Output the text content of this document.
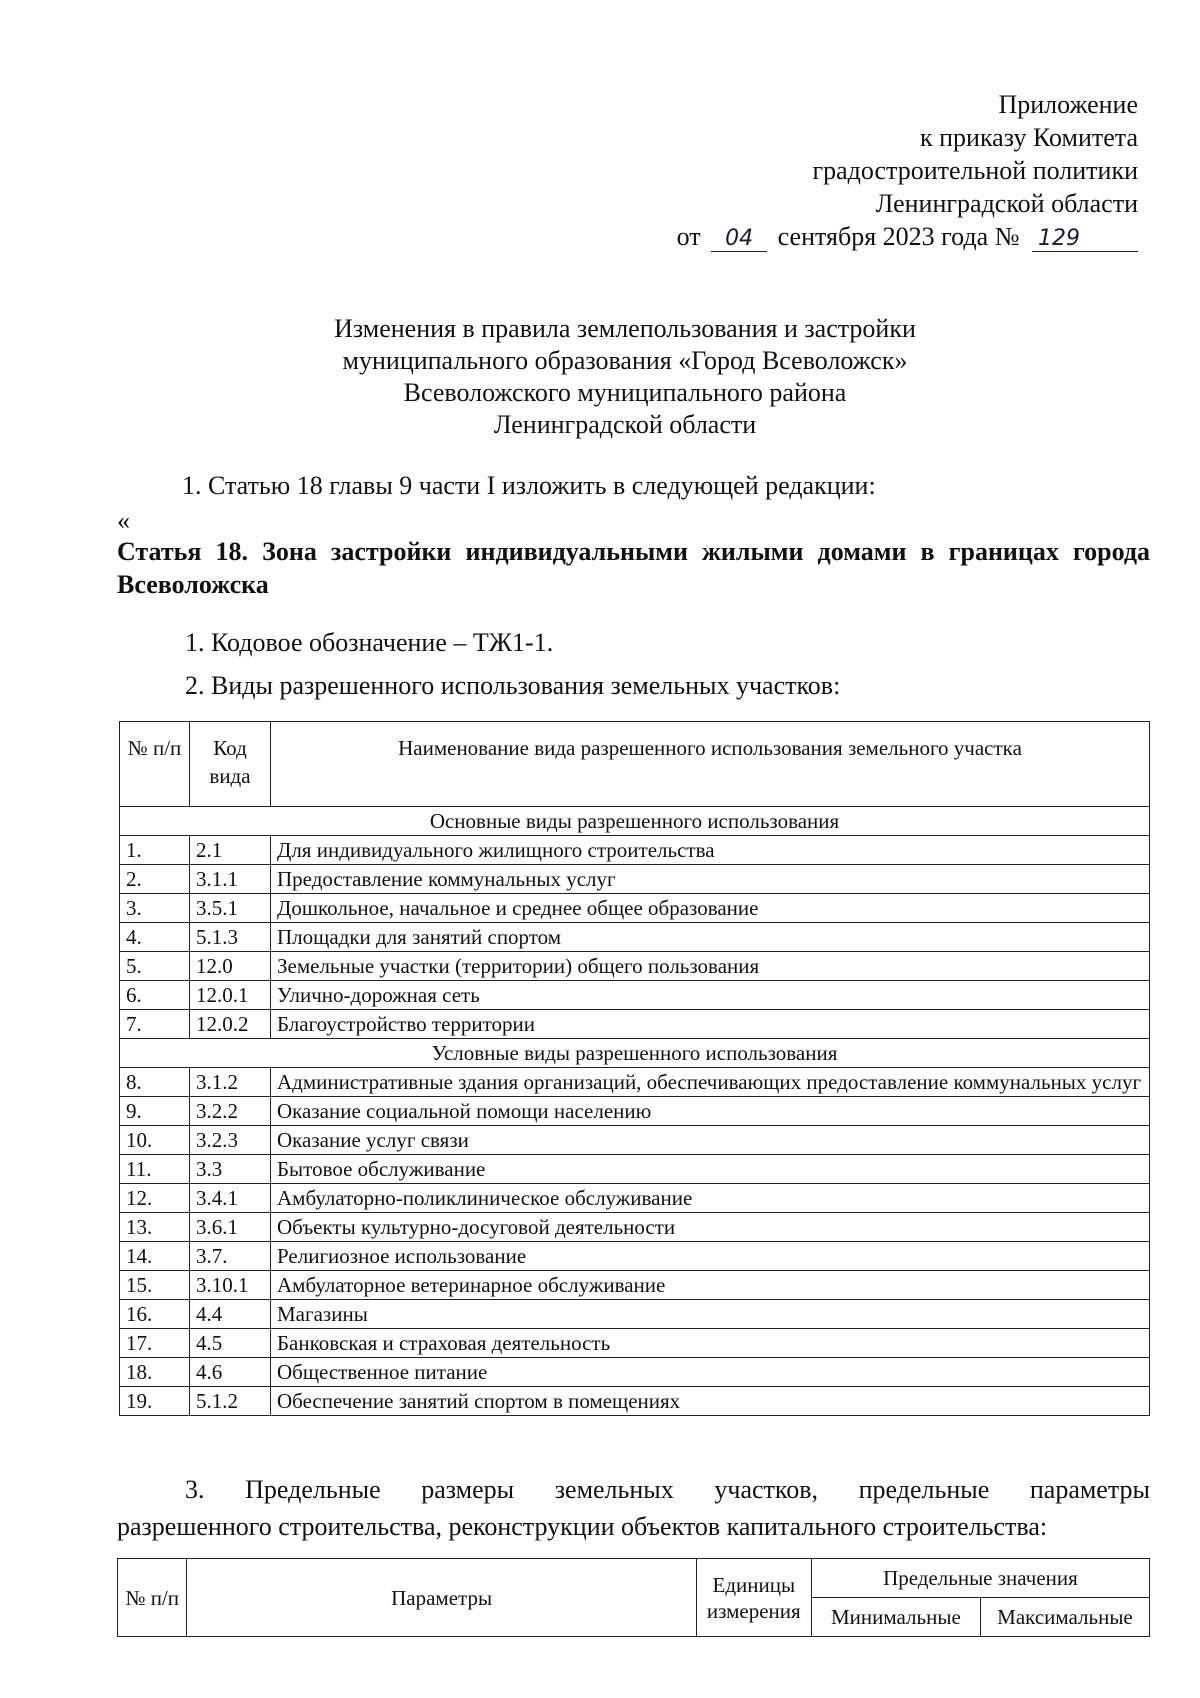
Приложение
к приказу Комитета
градостроительной политики
Ленинградской области
от 04 сентября 2023 года № 129
Изменения в правила землепользования и застройки
муниципального образования «Город Всеволожск»
Всеволожского муниципального района
Ленинградской области
1. Статью 18 главы 9 части I изложить в следующей редакции:
«
Статья 18. Зона застройки индивидуальными жилыми домами в границах города Всеволожска
1. Кодовое обозначение – ТЖ1-1.
2. Виды разрешенного использования земельных участков:
№ п/п	Код вида	Наименование вида разрешенного использования земельного участка
Основные виды разрешенного использования		
1.	2.1	Для индивидуального жилищного строительства
2.	3.1.1	Предоставление коммунальных услуг
3.	3.5.1	Дошкольное, начальное и среднее общее образование
4.	5.1.3	Площадки для занятий спортом
5.	12.0	Земельные участки (территории) общего пользования
6.	12.0.1	Улично-дорожная сеть
7.	12.0.2	Благоустройство территории
Условные виды разрешенного использования		
8.	3.1.2	Административные здания организаций, обеспечивающих предоставление коммунальных услуг
9.	3.2.2	Оказание социальной помощи населению
10.	3.2.3	Оказание услуг связи
11.	3.3	Бытовое обслуживание
12.	3.4.1	Амбулаторно-поликлиническое обслуживание
13.	3.6.1	Объекты культурно-досуговой деятельности
14.	3.7.	Религиозное использование
15.	3.10.1	Амбулаторное ветеринарное обслуживание
16.	4.4	Магазины
17.	4.5	Банковская и страховая деятельность
18.	4.6	Общественное питание
19.	5.1.2	Обеспечение занятий спортом в помещениях
3. Предельные размеры земельных участков, предельные параметры
разрешенного строительства, реконструкции объектов капитального строительства:
№ п/п	Параметры	Единицы измерения	Предельные значения	
			Минимальные	Максимальные
